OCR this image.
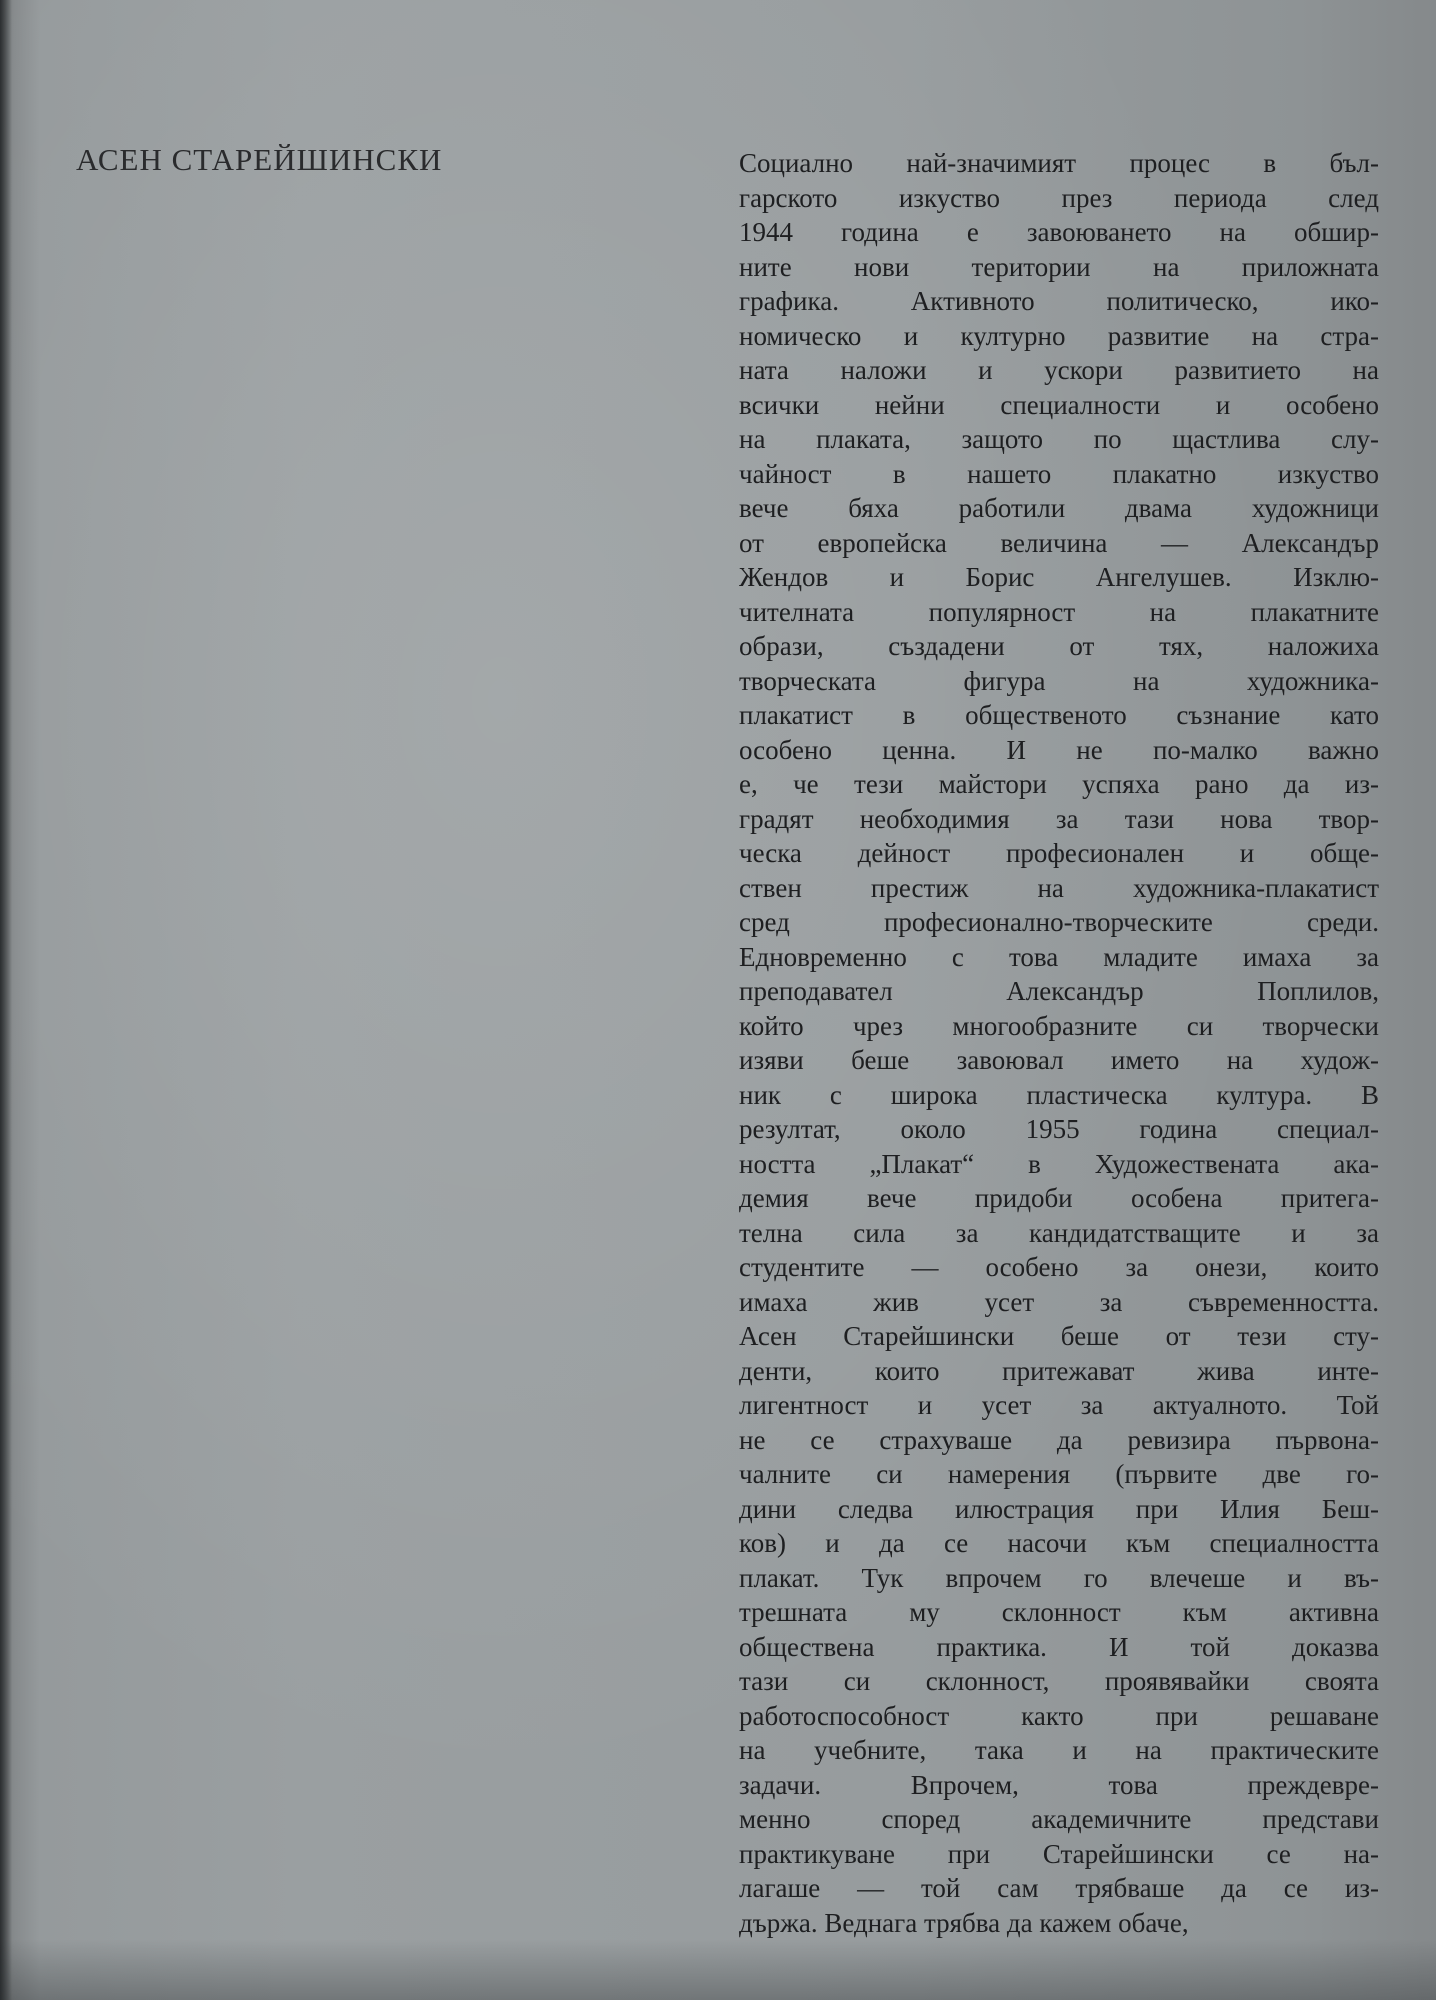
АСЕН СТАРЕЙШИНСКИ	Социално най-значимият процес в бъл-
гарското изкуство през периода след
1944 година е завоюването на обшир-
ните нови територии на приложната
графика. Активното политическо, ико-
номическо и културно развитие на стра-
ната наложи и ускори развитието на
всички нейни специалности и особено
на плаката, защото по щастлива слу-
чайност в нашето плакатно изкуство
вече бяха работили двама художници
от европейска величина — Александър
Жендов и Борис Ангелушев. Изклю-
чителната популярност на плакатните
образи, създадени от тях, наложиха
творческата фигура на художника-
плакатист в общественото съзнание като
особено ценна. И не по-малко важно
е, че тези майстори успяха рано да из-
градят необходимия за тази нова твор-
ческа дейност професионален и обще-
ствен престиж на художника-плакатист
сред професионално-творческите среди.
Едновременно с това младите имаха за
преподавател Александър Поплилов,
който чрез многообразните си творчески
изяви беше завоювал името на худож-
ник с широка пластическа култура. В
резултат, около 1955 година специал-
ността „Плакат“ в Художествената ака-
демия вече придоби особена притега-
телна сила за кандидатстващите и за
студентите — особено за онези, които
имаха жив усет за съвременността.
Асен Старейшински беше от тези сту-
денти, които притежават жива инте-
лигентност и усет за актуалното. Той
не се страхуваше да ревизира първона-
чалните си намерения (първите две го-
дини следва илюстрация при Илия Беш-
ков) и да се насочи към специалността
плакат. Тук впрочем го влечеше и въ-
трешната му склонност към активна
обществена практика. И той доказва
тази си склонност, проявявайки своята
работоспособност както при решаване
на учебните, така и на практическите
задачи. Впрочем, това преждевре-
менно според академичните представи
практикуване при Старейшински се на-
лагаше — той сам трябваше да се из-
държа. Веднага трябва да кажем обаче,
